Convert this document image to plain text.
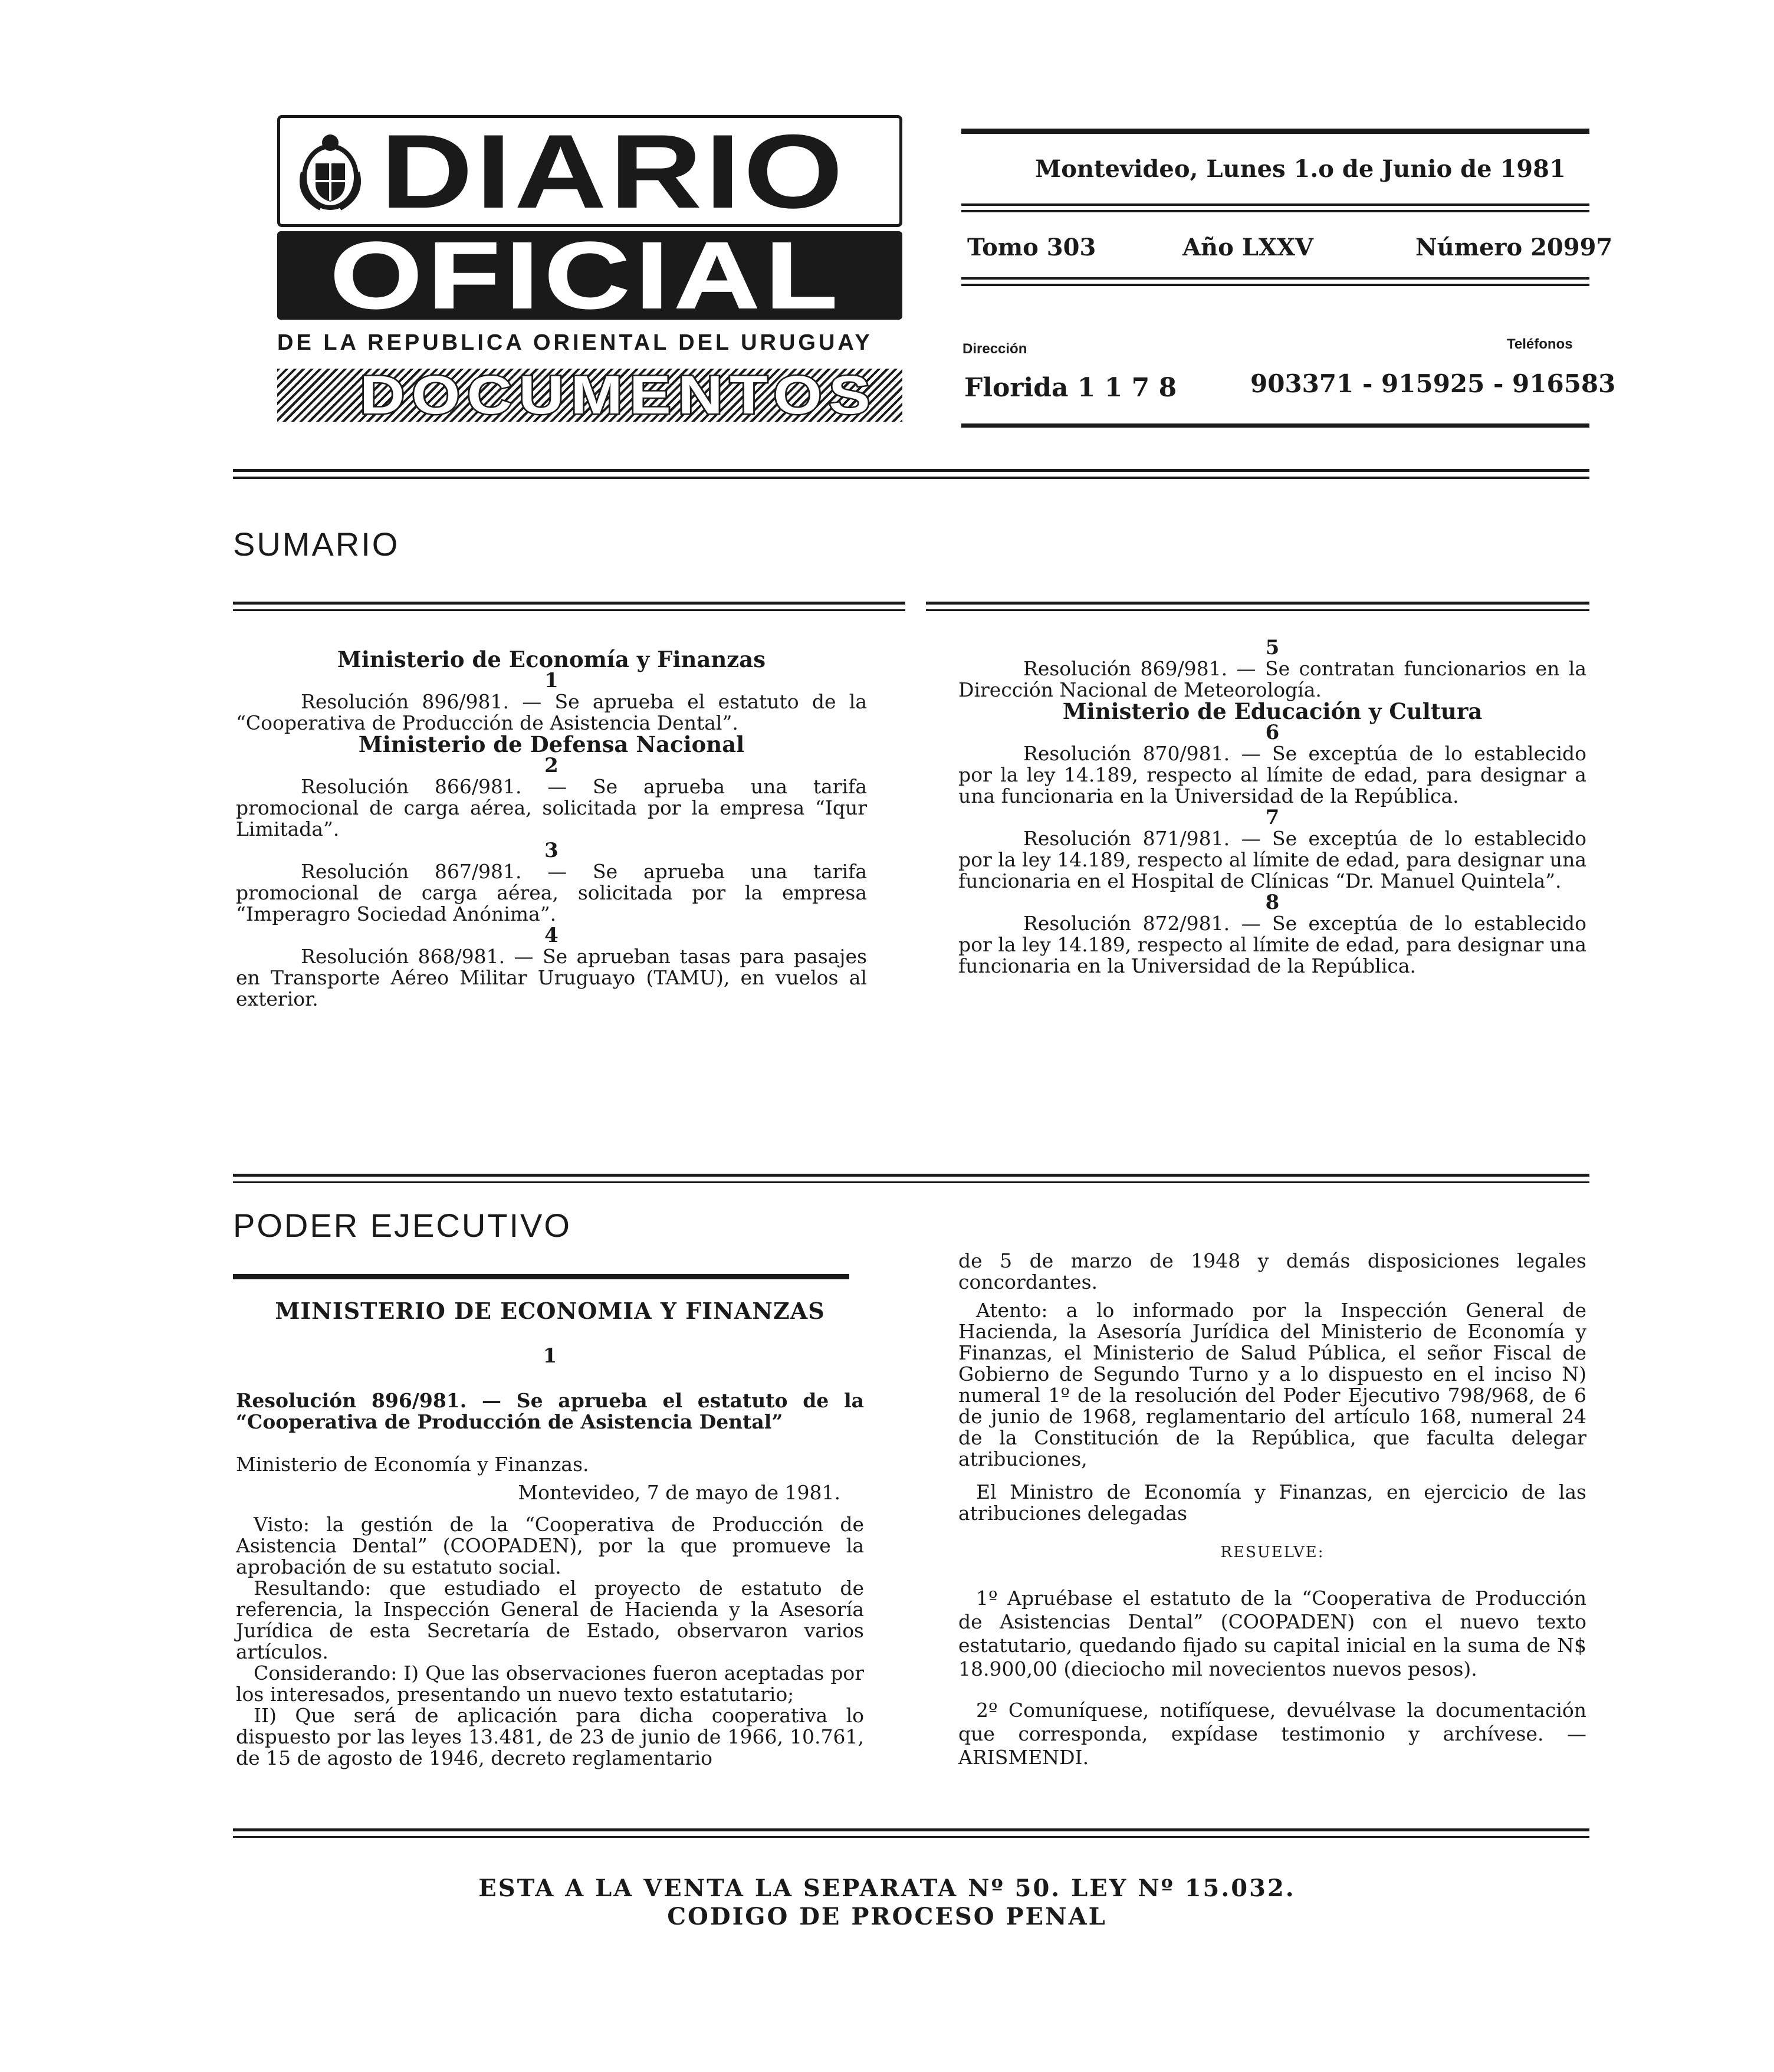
DIARIO
OFICIAL
DE LA REPUBLICA ORIENTAL DEL URUGUAY
DOCUMENTOS
Montevideo, Lunes 1.o de Junio de 1981
Tomo 303	Año LXXV	Número 20997
Dirección	Teléfonos
Florida 1 1 7 8	903371 - 915925 - 916583
SUMARIO

Ministerio de Economía y Finanzas

1

Resolución 896/981. — Se aprueba el estatuto de la “Cooperativa de Producción de Asistencia Dental”.

Ministerio de Defensa Nacional

2

Resolución 866/981. — Se aprueba una tarifa promocional de carga aérea, solicitada por la empresa “Iqur Limitada”.

3

Resolución 867/981. — Se aprueba una tarifa promocional de carga aérea, solicitada por la empresa “Imperagro Sociedad Anónima”.

4

Resolución 868/981. — Se aprueban tasas para pasajes en Transporte Aéreo Militar Uruguayo (TAMU), en vuelos al exterior.

5

Resolución 869/981. — Se contratan funcionarios en la Dirección Nacional de Meteorología.

Ministerio de Educación y Cultura

6

Resolución 870/981. — Se exceptúa de lo establecido por la ley 14.189, respecto al límite de edad, para designar a una funcionaria en la Universidad de la República.

7

Resolución 871/981. — Se exceptúa de lo establecido por la ley 14.189, respecto al límite de edad, para designar una funcionaria en el Hospital de Clínicas “Dr. Manuel Quintela”.

8

Resolución 872/981. — Se exceptúa de lo establecido por la ley 14.189, respecto al límite de edad, para designar una funcionaria en la Universidad de la República.

PODER EJECUTIVO

MINISTERIO DE ECONOMIA Y FINANZAS

1

Resolución 896/981. — Se aprueba el estatuto de la “Cooperativa de Producción de Asistencia Dental”

Ministerio de Economía y Finanzas.

Montevideo, 7 de mayo de 1981.

Visto: la gestión de la “Cooperativa de Producción de Asistencia Dental” (COOPADEN), por la que promueve la aprobación de su estatuto social.

Resultando: que estudiado el proyecto de estatuto de referencia, la Inspección General de Hacienda y la Asesoría Jurídica de esta Secretaría de Estado, observaron varios artículos.

Considerando: I) Que las observaciones fueron aceptadas por los interesados, presentando un nuevo texto estatutario;

II) Que será de aplicación para dicha cooperativa lo dispuesto por las leyes 13.481, de 23 de junio de 1966, 10.761, de 15 de agosto de 1946, decreto reglamentario

de 5 de marzo de 1948 y demás disposiciones legales concordantes.

Atento: a lo informado por la Inspección General de Hacienda, la Asesoría Jurídica del Ministerio de Economía y Finanzas, el Ministerio de Salud Pública, el señor Fiscal de Gobierno de Segundo Turno y a lo dispuesto en el inciso N) numeral 1º de la resolución del Poder Ejecutivo 798/968, de 6 de junio de 1968, reglamentario del artículo 168, numeral 24 de la Constitución de la República, que faculta delegar atribuciones,

El Ministro de Economía y Finanzas, en ejercicio de las atribuciones delegadas

RESUELVE:

1º Apruébase el estatuto de la “Cooperativa de Producción de Asistencias Dental” (COOPADEN) con el nuevo texto estatutario, quedando fijado su capital inicial en la suma de N$ 18.900,00 (dieciocho mil novecientos nuevos pesos).

2º Comuníquese, notifíquese, devuélvase la documentación que corresponda, expídase testimonio y archívese. — ARISMENDI.

ESTA A LA VENTA LA SEPARATA Nº 50. LEY Nº 15.032.
CODIGO DE PROCESO PENAL
